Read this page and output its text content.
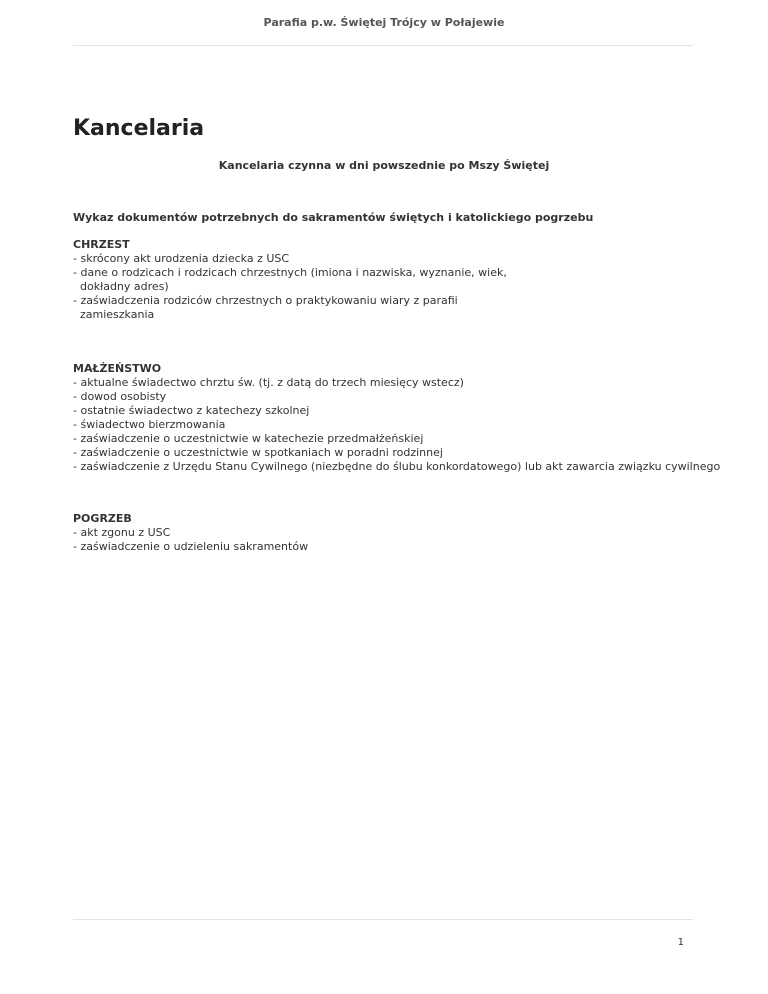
Parafia p.w. Świętej Trójcy w Połajewie
Kancelaria
Kancelaria czynna w dni powszednie po Mszy Świętej
Wykaz dokumentów potrzebnych do sakramentów świętych i katolickiego pogrzebu
CHRZEST
- skrócony akt urodzenia dziecka z USC
- dane o rodzicach i rodzicach chrzestnych (imiona i nazwiska, wyznanie, wiek,
dokładny adres)
- zaświadczenia rodziców chrzestnych o praktykowaniu wiary z parafii
zamieszkania
MAŁŻEŃSTWO
- aktualne świadectwo chrztu św. (tj. z datą do trzech miesięcy wstecz)
- dowod osobisty
- ostatnie świadectwo z katechezy szkolnej
- świadectwo bierzmowania
- zaświadczenie o uczestnictwie w katechezie przedmałżeńskiej
- zaświadczenie o uczestnictwie w spotkaniach w poradni rodzinnej
- zaświadczenie z Urzędu Stanu Cywilnego (niezbędne do ślubu konkordatowego) lub akt zawarcia związku cywilnego
POGRZEB
- akt zgonu z USC
- zaświadczenie o udzieleniu sakramentów
1
